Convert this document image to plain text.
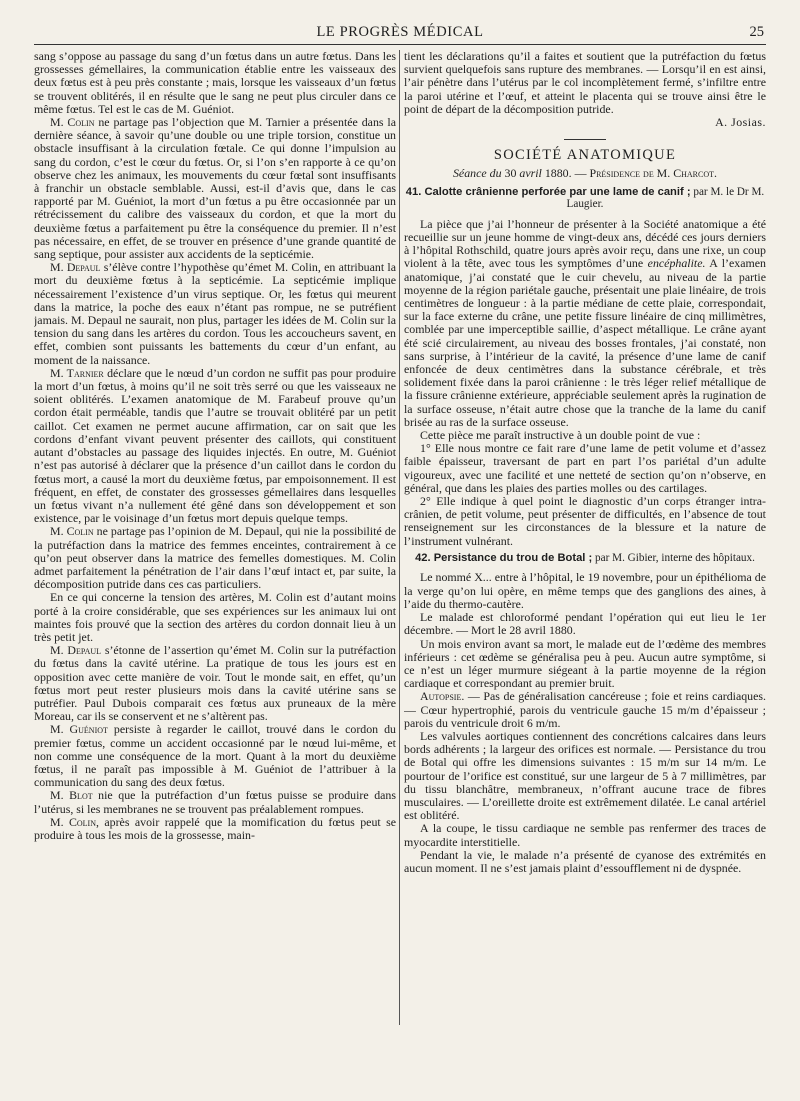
LE PROGRÈS MÉDICAL	25

sang s’oppose au passage du sang d’un fœtus dans un autre fœtus. Dans les grossesses gémellaires, la communication établie entre les vaisseaux des deux fœtus est à peu près constante ; mais, lorsque les vaisseaux d’un fœtus se trouvent oblitérés, il en résulte que le sang ne peut plus circuler dans ce même fœtus. Tel est le cas de M. Guéniot.

M. Colin ne partage pas l’objection que M. Tarnier a présentée dans la dernière séance, à savoir qu’une double ou une triple torsion, constitue un obstacle insuffisant à la circulation fœtale. Ce qui donne l’impulsion au sang du cordon, c’est le cœur du fœtus. Or, si l’on s’en rapporte à ce qu’on observe chez les animaux, les mouvements du cœur fœtal sont insuffisants à franchir un obstacle semblable. Aussi, est-il d’avis que, dans le cas rapporté par M. Guéniot, la mort d’un fœtus a pu être occasionnée par un rétrécissement du calibre des vaisseaux du cordon, et que la mort du deuxième fœtus a parfaitement pu être la conséquence du premier. Il n’est pas nécessaire, en effet, de se trouver en présence d’une grande quantité de sang septique, pour assister aux accidents de la septicémie.

M. Depaul s’élève contre l’hypothèse qu’émet M. Colin, en attribuant la mort du deuxième fœtus à la septicémie. La septicémie implique nécessairement l’existence d’un virus septique. Or, les fœtus qui meurent dans la matrice, la poche des eaux n’étant pas rompue, ne se putréfient jamais. M. Depaul ne saurait, non plus, partager les idées de M. Colin sur la tension du sang dans les artères du cordon. Tous les accoucheurs savent, en effet, combien sont puissants les battements du cœur d’un enfant, au moment de la naissance.

M. Tarnier déclare que le nœud d’un cordon ne suffit pas pour produire la mort d’un fœtus, à moins qu’il ne soit très serré ou que les vaisseaux ne soient oblitérés. L’examen anatomique de M. Farabeuf prouve qu’un cordon était perméable, tandis que l’autre se trouvait oblitéré par un petit caillot. Cet examen ne permet aucune affirmation, car on sait que les cordons d’enfant vivant peuvent présenter des caillots, qui constituent autant d’obstacles au passage des liquides injectés. En outre, M. Guéniot n’est pas autorisé à déclarer que la présence d’un caillot dans le cordon du fœtus mort, a causé la mort du deuxième fœtus, par empoisonnement. Il est fréquent, en effet, de constater des grossesses gémellaires dans lesquelles un fœtus vivant n’a nullement été gêné dans son développement et son existence, par le voisinage d’un fœtus mort depuis quelque temps.

M. Colin ne partage pas l’opinion de M. Depaul, qui nie la possibilité de la putréfaction dans la matrice des femmes enceintes, contrairement à ce qu’on peut observer dans la matrice des femelles domestiques. M. Colin admet parfaitement la pénétration de l’air dans l’œuf intact et, par suite, la décomposition putride dans ces cas particuliers.

En ce qui concerne la tension des artères, M. Colin est d’autant moins porté à la croire considérable, que ses expériences sur les animaux lui ont maintes fois prouvé que la section des artères du cordon donnait lieu à un très petit jet.

M. Depaul s’étonne de l’assertion qu’émet M. Colin sur la putréfaction du fœtus dans la cavité utérine. La pratique de tous les jours est en opposition avec cette manière de voir. Tout le monde sait, en effet, qu’un fœtus mort peut rester plusieurs mois dans la cavité utérine sans se putréfier. Paul Dubois comparait ces fœtus aux pruneaux de la mère Moreau, car ils se conservent et ne s’altèrent pas.

M. Guéniot persiste à regarder le caillot, trouvé dans le cordon du premier fœtus, comme un accident occasionné par le nœud lui-même, et non comme une conséquence de la mort. Quant à la mort du deuxième fœtus, il ne paraît pas impossible à M. Guéniot de l’attribuer à la communication du sang des deux fœtus.

M. Blot nie que la putréfaction d’un fœtus puisse se produire dans l’utérus, si les membranes ne se trouvent pas préalablement rompues.

M. Colin, après avoir rappelé que la momification du fœtus peut se produire à tous les mois de la grossesse, main-

tient les déclarations qu’il a faites et soutient que la putréfaction du fœtus survient quelquefois sans rupture des membranes. — Lorsqu’il en est ainsi, l’air pénètre dans l’utérus par le col incomplètement fermé, s’infiltre entre la paroi utérine et l’œuf, et atteint le placenta qui se trouve ainsi être le point de départ de la décomposition putride.

A. Josias.

SOCIÉTÉ ANATOMIQUE

Séance du 30 avril 1880. — Présidence de M. Charcot.

41. Calotte crânienne perforée par une lame de canif ; par M. le Dr M. Laugier.

La pièce que j’ai l’honneur de présenter à la Société anatomique a été recueillie sur un jeune homme de vingt-deux ans, décédé ces jours derniers à l’hôpital Rothschild, quatre jours après avoir reçu, dans une rixe, un coup violent à la tête, avec tous les symptômes d’une encéphalite. A l’examen anatomique, j’ai constaté que le cuir chevelu, au niveau de la partie moyenne de la région pariétale gauche, présentait une plaie linéaire, de trois centimètres de longueur : à la partie médiane de cette plaie, correspondait, sur la face externe du crâne, une petite fissure linéaire de cinq millimètres, comblée par une imperceptible saillie, d’aspect métallique. Le crâne ayant été scié circulairement, au niveau des bosses frontales, j’ai constaté, non sans surprise, à l’intérieur de la cavité, la présence d’une lame de canif enfoncée de deux centimètres dans la substance cérébrale, et très solidement fixée dans la paroi crânienne : le très léger relief métallique de la fissure crânienne extérieure, appréciable seulement après la rugination de la surface osseuse, n’était autre chose que la tranche de la lame du canif brisée au ras de la surface osseuse.

Cette pièce me paraît instructive à un double point de vue :

1° Elle nous montre ce fait rare d’une lame de petit volume et d’assez faible épaisseur, traversant de part en part l’os pariétal d’un adulte vigoureux, avec une facilité et une netteté de section qu’on n’observe, en général, que dans les plaies des parties molles ou des cartilages.

2° Elle indique à quel point le diagnostic d’un corps étranger intra-crânien, de petit volume, peut présenter de difficultés, en l’absence de tout renseignement sur les circonstances de la blessure et la nature de l’instrument vulnérant.

42. Persistance du trou de Botal ; par M. Gibier, interne des hôpitaux.

Le nommé X... entre à l’hôpital, le 19 novembre, pour un épithélioma de la verge qu’on lui opère, en même temps que des ganglions des aines, à l’aide du thermo-cautère.

Le malade est chloroformé pendant l’opération qui eut lieu le 1er décembre. — Mort le 28 avril 1880.

Un mois environ avant sa mort, le malade eut de l’œdème des membres inférieurs : cet œdème se généralisa peu à peu. Aucun autre symptôme, si ce n’est un léger murmure siégeant à la partie moyenne de la région cardiaque et correspondant au premier bruit.

Autopsie. — Pas de généralisation cancéreuse ; foie et reins cardiaques. — Cœur hypertrophié, parois du ventricule gauche 15 m/m d’épaisseur ; parois du ventricule droit 6 m/m.

Les valvules aortiques contiennent des concrétions calcaires dans leurs bords adhérents ; la largeur des orifices est normale. — Persistance du trou de Botal qui offre les dimensions suivantes : 15 m/m sur 14 m/m. Le pourtour de l’orifice est constitué, sur une largeur de 5 à 7 millimètres, par du tissu blanchâtre, membraneux, n’offrant aucune trace de fibres musculaires. — L’oreillette droite est extrêmement dilatée. Le canal artériel est oblitéré.

A la coupe, le tissu cardiaque ne semble pas renfermer des traces de myocardite interstitielle.

Pendant la vie, le malade n’a présenté de cyanose des extrémités en aucun moment. Il ne s’est jamais plaint d’essoufflement ni de dyspnée.
